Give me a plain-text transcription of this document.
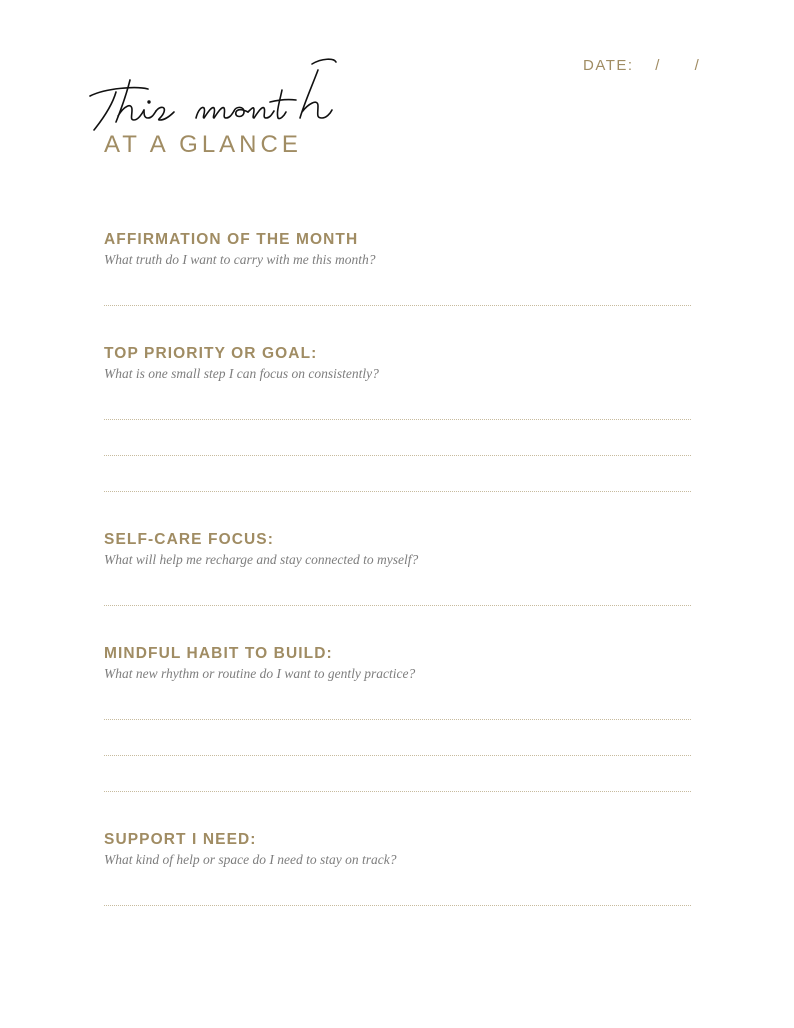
DATE: / /
AT A GLANCE
AFFIRMATION OF THE MONTH
What truth do I want to carry with me this month?
TOP PRIORITY OR GOAL:
What is one small step I can focus on consistently?
SELF-CARE FOCUS:
What will help me recharge and stay connected to myself?
MINDFUL HABIT TO BUILD:
What new rhythm or routine do I want to gently practice?
SUPPORT I NEED:
What kind of help or space do I need to stay on track?
